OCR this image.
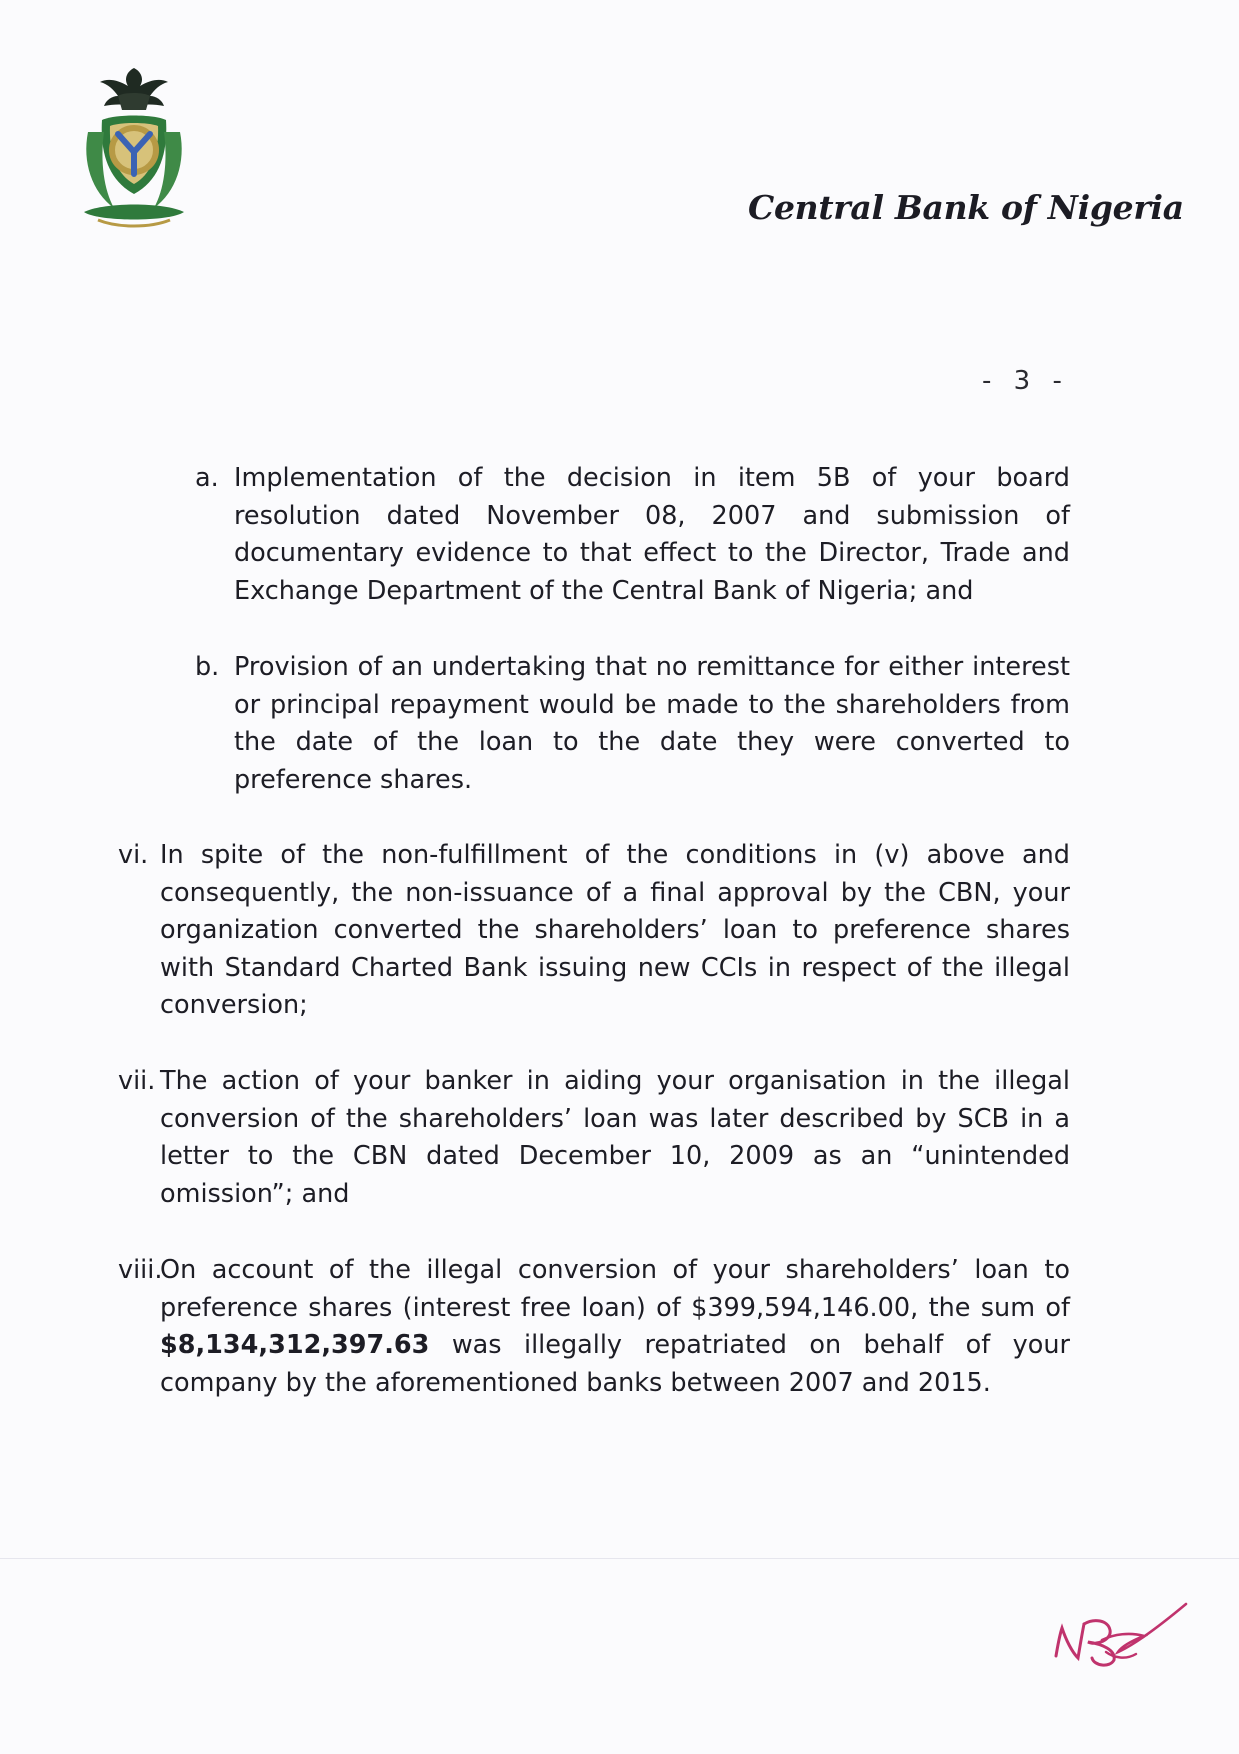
Central Bank of Nigeria
- 3 -
a. Implementation of the decision in item 5B of your board resolution dated November 08, 2007 and submission of documentary evidence to that effect to the Director, Trade and Exchange Department of the Central Bank of Nigeria; and
b. Provision of an undertaking that no remittance for either interest or principal repayment would be made to the shareholders from the date of the loan to the date they were converted to preference shares.
vi. In spite of the non-fulfillment of the conditions in (v) above and consequently, the non-issuance of a final approval by the CBN, your organization converted the shareholders’ loan to preference shares with Standard Charted Bank issuing new CCIs in respect of the illegal conversion;
vii. The action of your banker in aiding your organisation in the illegal conversion of the shareholders’ loan was later described by SCB in a letter to the CBN dated December 10, 2009 as an “unintended omission”; and
viii.
On account of the illegal conversion of your shareholders’ loan to preference shares (interest free loan) of $399,594,146.00, the sum of $8,134,312,397.63 was illegally repatriated on behalf of your company by the aforementioned banks between 2007 and 2015.
